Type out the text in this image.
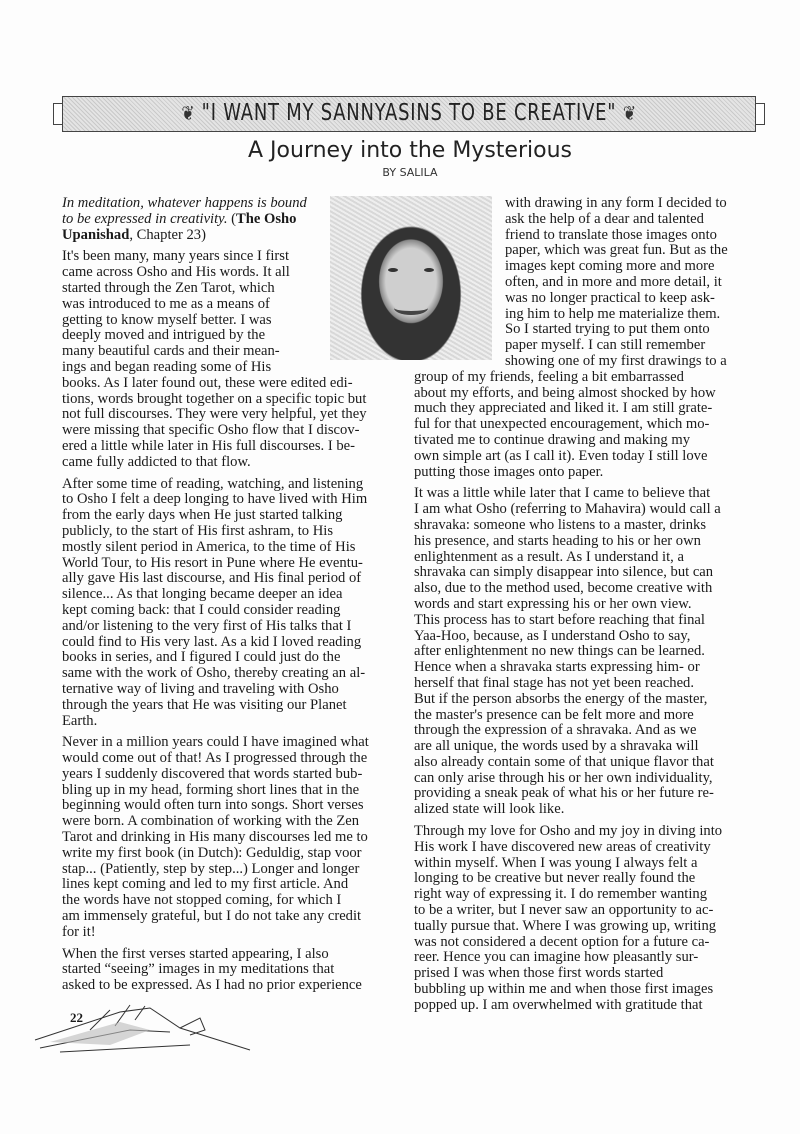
❦ "I WANT MY SANNYASINS TO BE CREATIVE" ❦
A Journey into the Mysterious
BY SALILA
In meditation, whatever happens is bound
to be expressed in creativity. (The Osho
Upanishad, Chapter 23)
It's been many, many years since I first
came across Osho and His words. It all
started through the Zen Tarot, which
was introduced to me as a means of
getting to know myself better. I was
deeply moved and intrigued by the
many beautiful cards and their mean-
ings and began reading some of His
books. As I later found out, these were edited edi-
tions, words brought together on a specific topic but
not full discourses. They were very helpful, yet they
were missing that specific Osho flow that I discov-
ered a little while later in His full discourses. I be-
came fully addicted to that flow.
After some time of reading, watching, and listening
to Osho I felt a deep longing to have lived with Him
from the early days when He just started talking
publicly, to the start of His first ashram, to His
mostly silent period in America, to the time of His
World Tour, to His resort in Pune where He eventu-
ally gave His last discourse, and His final period of
silence... As that longing became deeper an idea
kept coming back: that I could consider reading
and/or listening to the very first of His talks that I
could find to His very last. As a kid I loved reading
books in series, and I figured I could just do the
same with the work of Osho, thereby creating an al-
ternative way of living and traveling with Osho
through the years that He was visiting our Planet
Earth.
Never in a million years could I have imagined what
would come out of that! As I progressed through the
years I suddenly discovered that words started bub-
bling up in my head, forming short lines that in the
beginning would often turn into songs. Short verses
were born. A combination of working with the Zen
Tarot and drinking in His many discourses led me to
write my first book (in Dutch): Geduldig, stap voor
stap... (Patiently, step by step...) Longer and longer
lines kept coming and led to my first article. And
the words have not stopped coming, for which I
am immensely grateful, but I do not take any credit
for it!
When the first verses started appearing, I also
started “seeing” images in my meditations that
asked to be expressed. As I had no prior experience
with drawing in any form I decided to
ask the help of a dear and talented
friend to translate those images onto
paper, which was great fun. But as the
images kept coming more and more
often, and in more and more detail, it
was no longer practical to keep ask-
ing him to help me materialize them.
So I started trying to put them onto
paper myself. I can still remember
showing one of my first drawings to a
group of my friends, feeling a bit embarrassed
about my efforts, and being almost shocked by how
much they appreciated and liked it. I am still grate-
ful for that unexpected encouragement, which mo-
tivated me to continue drawing and making my
own simple art (as I call it). Even today I still love
putting those images onto paper.
It was a little while later that I came to believe that
I am what Osho (referring to Mahavira) would call a
shravaka: someone who listens to a master, drinks
his presence, and starts heading to his or her own
enlightenment as a result. As I understand it, a
shravaka can simply disappear into silence, but can
also, due to the method used, become creative with
words and start expressing his or her own view.
This process has to start before reaching that final
Yaa-Hoo, because, as I understand Osho to say,
after enlightenment no new things can be learned.
Hence when a shravaka starts expressing him- or
herself that final stage has not yet been reached.
But if the person absorbs the energy of the master,
the master's presence can be felt more and more
through the expression of a shravaka. And as we
are all unique, the words used by a shravaka will
also already contain some of that unique flavor that
can only arise through his or her own individuality,
providing a sneak peak of what his or her future re-
alized state will look like.
Through my love for Osho and my joy in diving into
His work I have discovered new areas of creativity
within myself. When I was young I always felt a
longing to be creative but never really found the
right way of expressing it. I do remember wanting
to be a writer, but I never saw an opportunity to ac-
tually pursue that. Where I was growing up, writing
was not considered a decent option for a future ca-
reer. Hence you can imagine how pleasantly sur-
prised I was when those first words started
bubbling up within me and when those first images
popped up. I am overwhelmed with gratitude that
22
